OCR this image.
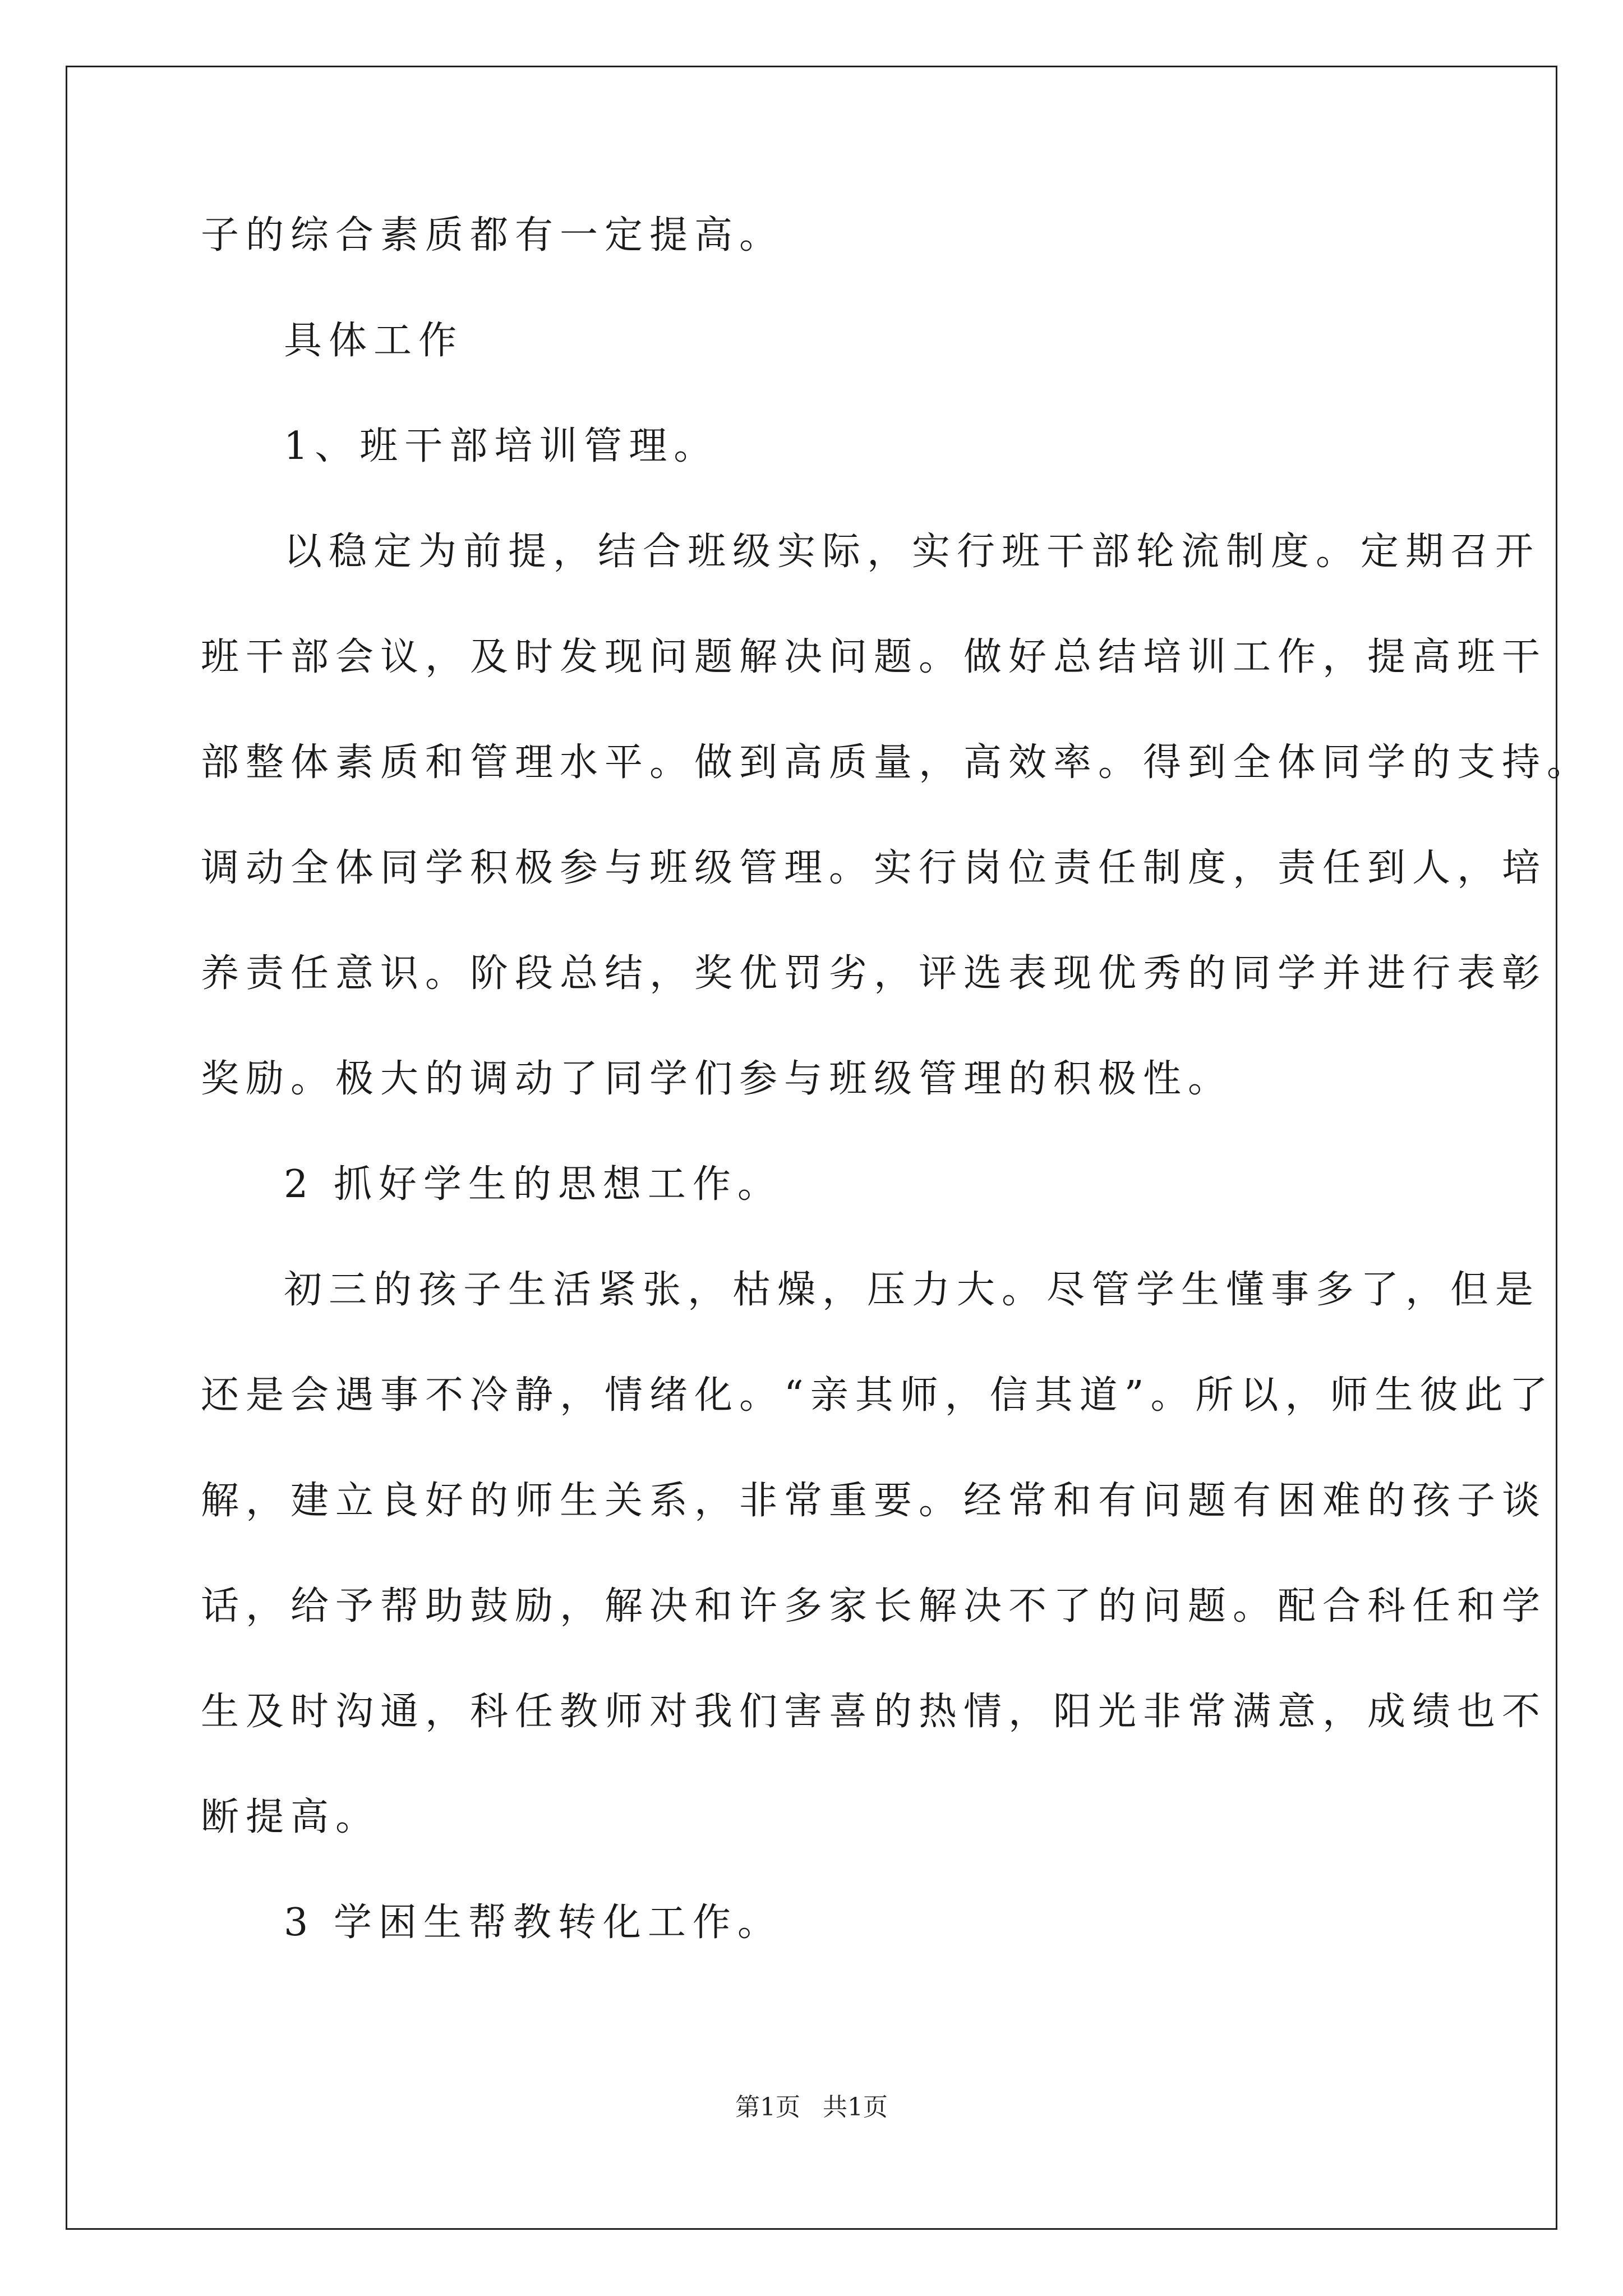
子的综合素质都有一定提高。
具体工作
1、班干部培训管理。
以稳定为前提，结合班级实际，实行班干部轮流制度。定期召开
班干部会议，及时发现问题解决问题。做好总结培训工作，提高班干
部整体素质和管理水平。做到高质量，高效率。得到全体同学的支持。
调动全体同学积极参与班级管理。实行岗位责任制度，责任到人，培
养责任意识。阶段总结，奖优罚劣，评选表现优秀的同学并进行表彰
奖励。极大的调动了同学们参与班级管理的积极性。
2 抓好学生的思想工作。
初三的孩子生活紧张，枯燥，压力大。尽管学生懂事多了，但是
还是会遇事不冷静，情绪化。“亲其师，信其道”。所以，师生彼此了
解，建立良好的师生关系，非常重要。经常和有问题有困难的孩子谈
话，给予帮助鼓励，解决和许多家长解决不了的问题。配合科任和学
生及时沟通，科任教师对我们害喜的热情，阳光非常满意，成绩也不
断提高。
3 学困生帮教转化工作。
第1页 共1页
